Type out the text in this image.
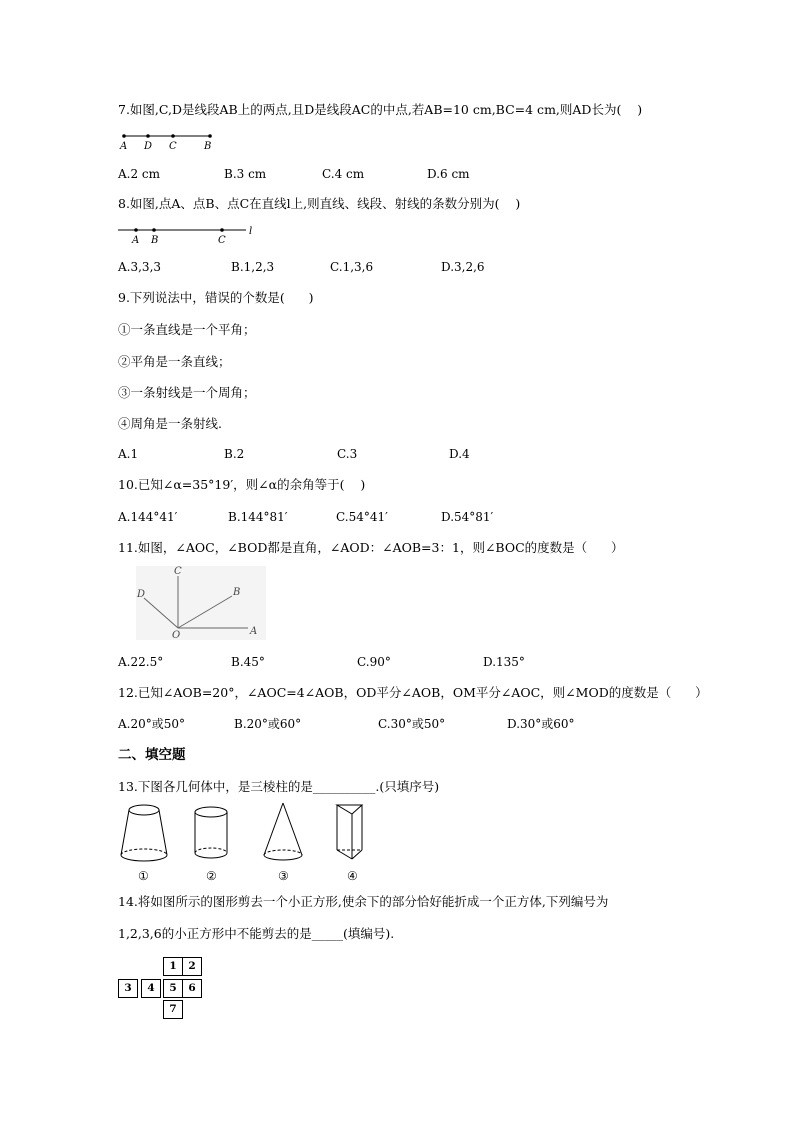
7.如图,C,D是线段AB上的两点,且D是线段AC的中点,若AB=10 cm,BC=4 cm,则AD长为(    )
A D C	B
A.2 cm	B.3 cm	C.4 cm	D.6 cm
8.如图,点A、点B、点C在直线l上,则直线、线段、射线的条数分别为(    )
A B	C
l
A.3,3,3	B.1,2,3	C.1,3,6	D.3,2,6
9.下列说法中，错误的个数是(      )
①一条直线是一个平角；
②平角是一条直线；
③一条射线是一个周角；
④周角是一条射线.
A.1	B.2	C.3	D.4
10.已知∠α=35°19′，则∠α的余角等于(    )
A.144°41′	B.144°81′	C.54°41′	D.54°81′
11.如图，∠AOC，∠BOD都是直角，∠AOD：∠AOB=3：1，则∠BOC的度数是（      ）
C
D	B
O	A
A.22.5°	B.45°	C.90°	D.135°
12.已知∠AOB=20°，∠AOC=4∠AOB，OD平分∠AOB，OM平分∠AOC，则∠MOD的度数是（      ）
A.20°或50°	B.20°或60°	C.30°或50°	D.30°或60°
二、填空题
13.下图各几何体中，是三棱柱的是__________.(只填序号)
①	②	③	④
14.将如图所示的图形剪去一个小正方形,使余下的部分恰好能折成一个正方体,下列编号为
1,2,3,6的小正方形中不能剪去的是_____(填编号).
1	2
3	4	5	6
7
